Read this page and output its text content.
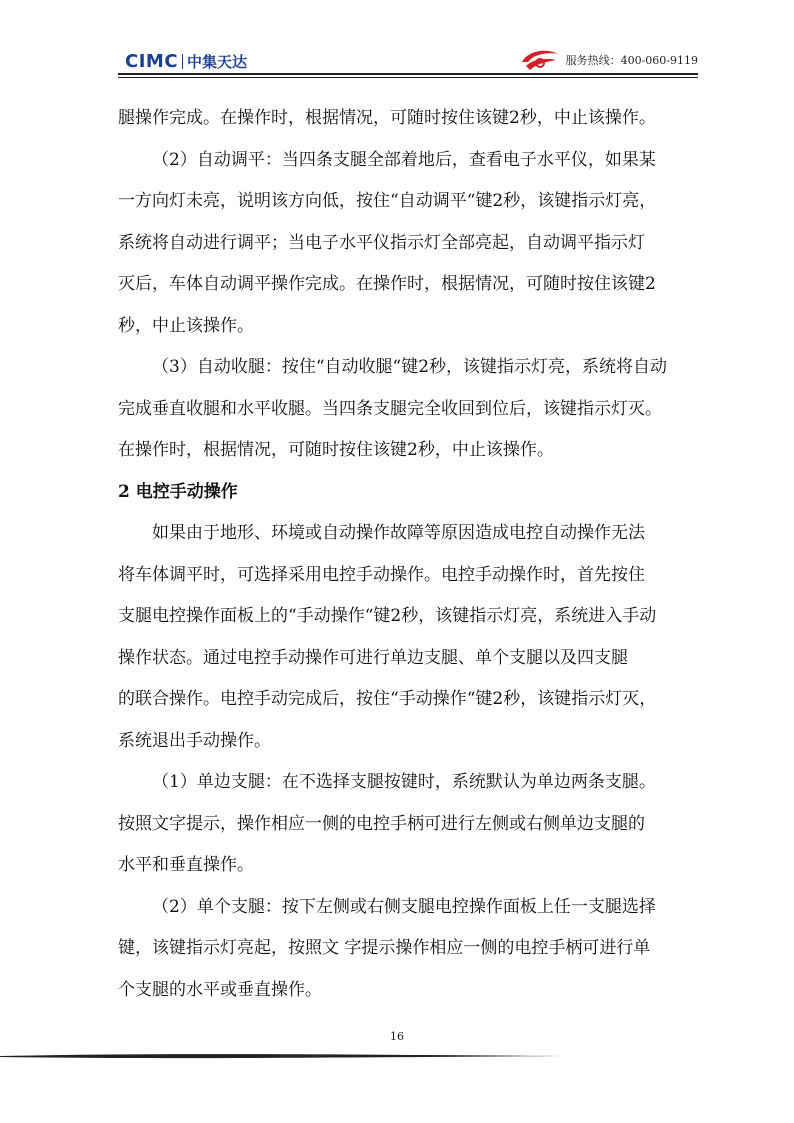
CIMC 中集天达	服务热线：400-060-9119

腿操作完成。在操作时，根据情况，可随时按住该键2秒，中止该操作。

（2）自动调平：当四条支腿全部着地后，查看电子水平仪，如果某

一方向灯未亮，说明该方向低，按住“自动调平“键2秒，该键指示灯亮，

系统将自动进行调平；当电子水平仪指示灯全部亮起，自动调平指示灯

灭后，车体自动调平操作完成。在操作时，根据情况，可随时按住该键2

秒，中止该操作。

（3）自动收腿：按住“自动收腿“键2秒，该键指示灯亮，系统将自动

完成垂直收腿和水平收腿。当四条支腿完全收回到位后，该键指示灯灭。

在操作时，根据情况，可随时按住该键2秒，中止该操作。

2 电控手动操作

如果由于地形、环境或自动操作故障等原因造成电控自动操作无法

将车体调平时，可选择采用电控手动操作。电控手动操作时，首先按住

支腿电控操作面板上的“手动操作“键2秒，该键指示灯亮，系统进入手动

操作状态。通过电控手动操作可进行单边支腿、单个支腿以及四支腿

的联合操作。电控手动完成后，按住“手动操作“键2秒，该键指示灯灭，

系统退出手动操作。

（1）单边支腿：在不选择支腿按键时，系统默认为单边两条支腿。

按照文字提示，操作相应一侧的电控手柄可进行左侧或右侧单边支腿的

水平和垂直操作。

（2）单个支腿：按下左侧或右侧支腿电控操作面板上任一支腿选择

键，该键指示灯亮起，按照文 字提示操作相应一侧的电控手柄可进行单

个支腿的水平或垂直操作。

16
